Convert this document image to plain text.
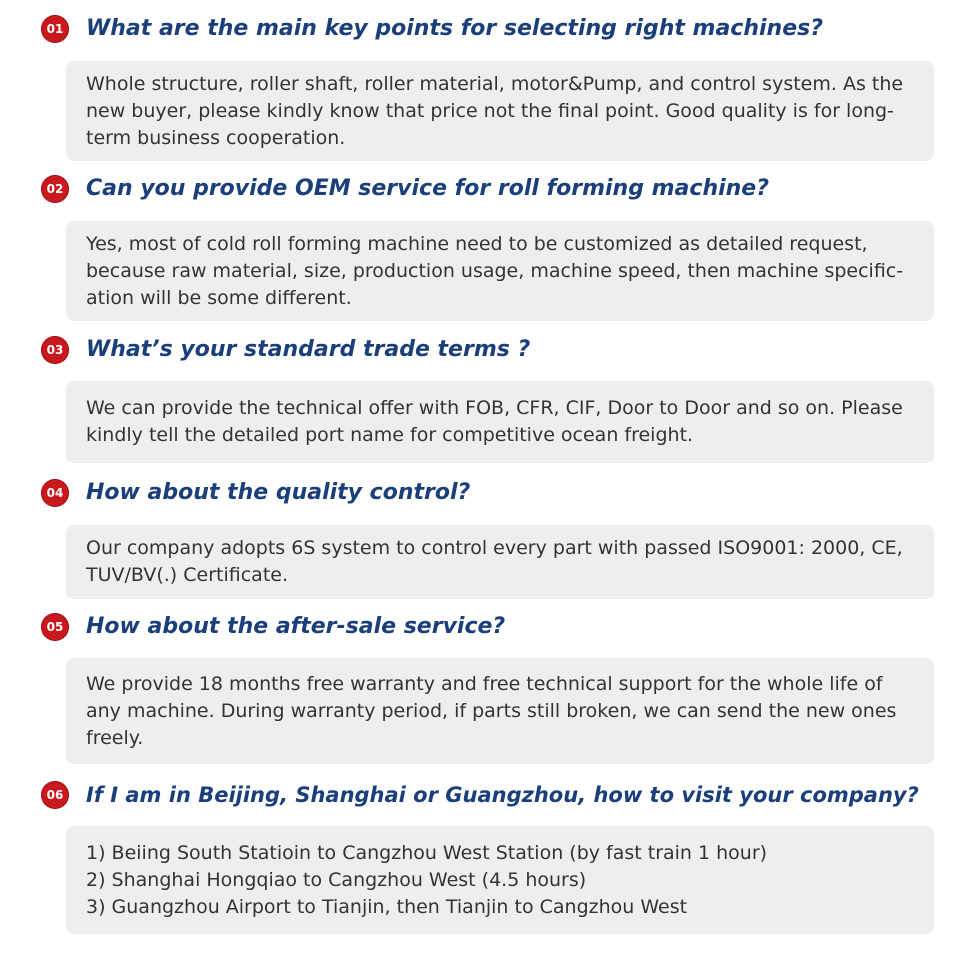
01 What are the main key points for selecting right machines?

Whole structure, roller shaft, roller material, motor&Pump, and control system. As the new buyer, please kindly know that price not the final point. Good quality is for long-term business cooperation.

02 Can you provide OEM service for roll forming machine?

Yes, most of cold roll forming machine need to be customized as detailed request, because raw material, size, production usage, machine speed, then machine specific-ation will be some different.

03 What’s your standard trade terms ?

We can provide the technical offer with FOB, CFR, CIF, Door to Door and so on. Please kindly tell the detailed port name for competitive ocean freight.

04 How about the quality control?

Our company adopts 6S system to control every part with passed ISO9001: 2000, CE, TUV/BV(.) Certificate.

05 How about the after-sale service?

We provide 18 months free warranty and free technical support for the whole life of any machine. During warranty period, if parts still broken, we can send the new ones freely.

06 If I am in Beijing, Shanghai or Guangzhou, how to visit your company?

1) Beiing South Statioin to Cangzhou West Station (by fast train 1 hour)

2) Shanghai Hongqiao to Cangzhou West (4.5 hours)

3) Guangzhou Airport to Tianjin, then Tianjin to Cangzhou West
